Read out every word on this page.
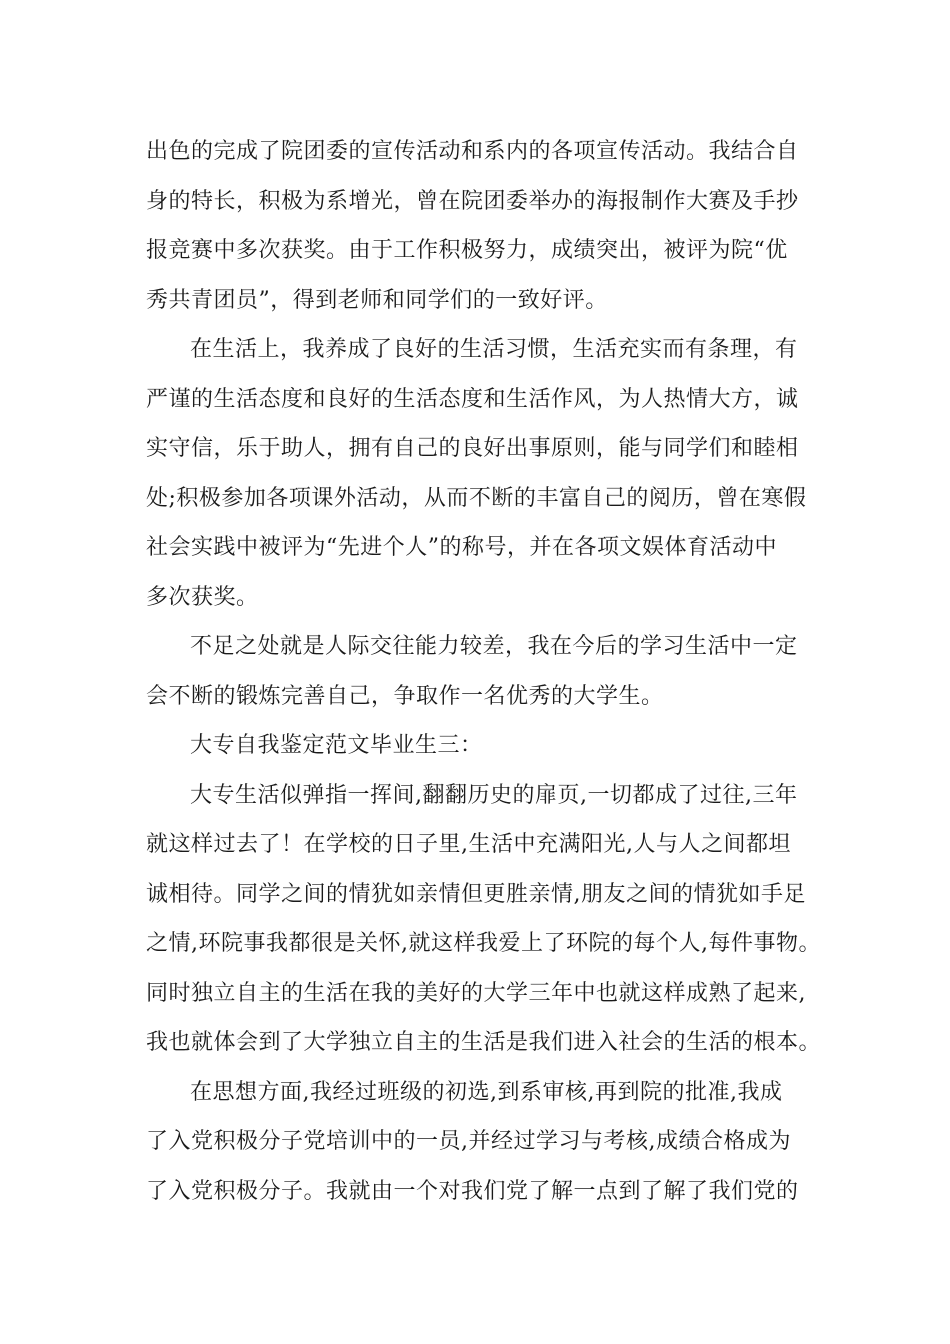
出色的完成了院团委的宣传活动和系内的各项宣传活动。我结合自
身的特长，积极为系增光，曾在院团委举办的海报制作大赛及手抄
报竞赛中多次获奖。由于工作积极努力，成绩突出，被评为院“优
秀共青团员”，得到老师和同学们的一致好评。
在生活上，我养成了良好的生活习惯，生活充实而有条理，有
严谨的生活态度和良好的生活态度和生活作风，为人热情大方，诚
实守信，乐于助人，拥有自己的良好出事原则，能与同学们和睦相
处;积极参加各项课外活动，从而不断的丰富自己的阅历，曾在寒假
社会实践中被评为“先进个人”的称号，并在各项文娱体育活动中
多次获奖。
不足之处就是人际交往能力较差，我在今后的学习生活中一定
会不断的锻炼完善自己，争取作一名优秀的大学生。
大专自我鉴定范文毕业生三：
大专生活似弹指一挥间,翻翻历史的扉页,一切都成了过往,三年
就这样过去了！在学校的日子里,生活中充满阳光,人与人之间都坦
诚相待。同学之间的情犹如亲情但更胜亲情,朋友之间的情犹如手足
之情,环院事我都很是关怀,就这样我爱上了环院的每个人,每件事物。
同时独立自主的生活在我的美好的大学三年中也就这样成熟了起来,
我也就体会到了大学独立自主的生活是我们进入社会的生活的根本。
在思想方面,我经过班级的初选,到系审核,再到院的批准,我成
了入党积极分子党培训中的一员,并经过学习与考核,成绩合格成为
了入党积极分子。我就由一个对我们党了解一点到了解了我们党的
